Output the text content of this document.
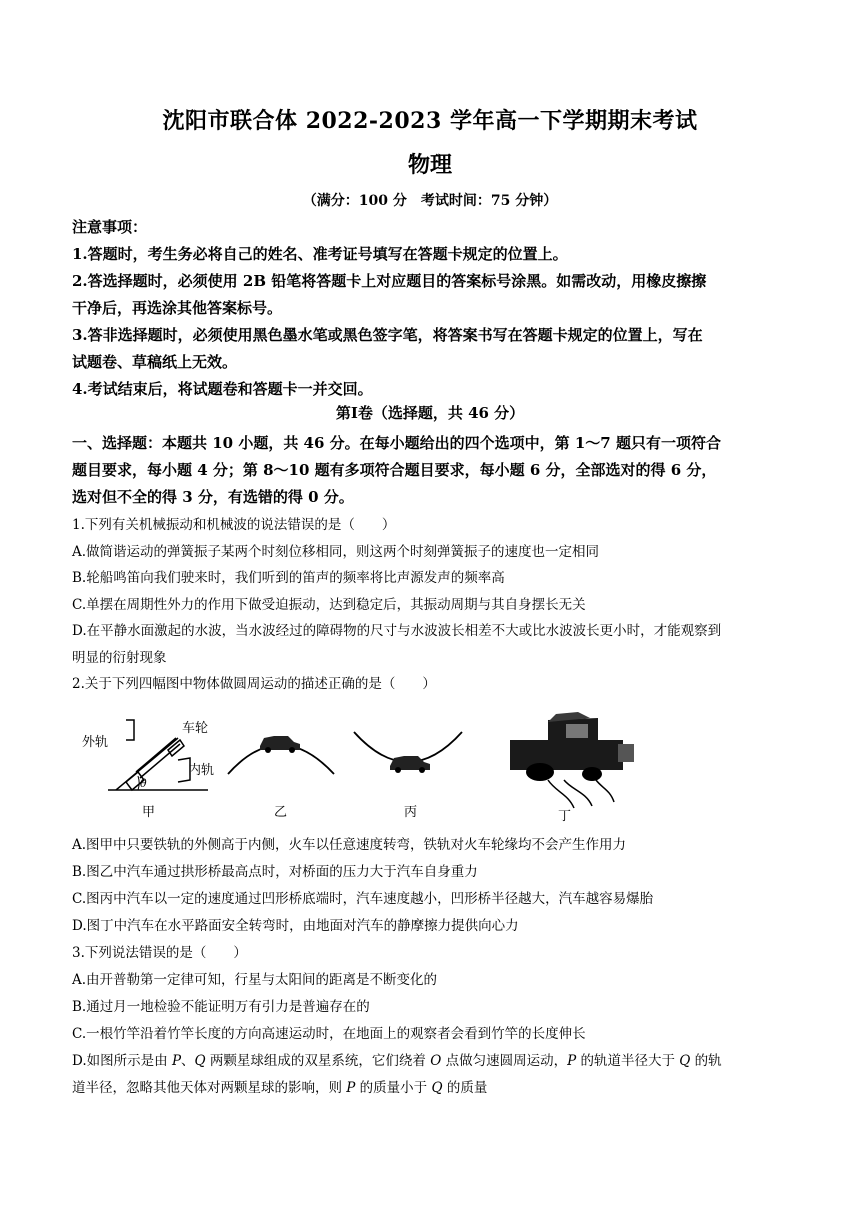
沈阳市联合体 2022-2023 学年高一下学期期末考试
物理
（满分：100 分　考试时间：75 分钟）

注意事项：

1.答题时，考生务必将自己的姓名、准考证号填写在答题卡规定的位置上。

2.答选择题时，必须使用 2B 铅笔将答题卡上对应题目的答案标号涂黑。如需改动，用橡皮擦擦

干净后，再选涂其他答案标号。

3.答非选择题时，必须使用黑色墨水笔或黑色签字笔，将答案书写在答题卡规定的位置上，写在

试题卷、草稿纸上无效。

4.考试结束后，将试题卷和答题卡一并交回。

第Ⅰ卷（选择题，共 46 分）
一、选择题：本题共 10 小题，共 46 分。在每小题给出的四个选项中，第 1～7 题只有一项符合
题目要求，每小题 4 分；第 8～10 题有多项符合题目要求，每小题 6 分，全部选对的得 6 分，
选对但不全的得 3 分，有选错的得 0 分。

1.下列有关机械振动和机械波的说法错误的是（　　）

A.做简谐运动的弹簧振子某两个时刻位移相同，则这两个时刻弹簧振子的速度也一定相同

B.轮船鸣笛向我们驶来时，我们听到的笛声的频率将比声源发声的频率高

C.单摆在周期性外力的作用下做受迫振动，达到稳定后，其振动周期与其自身摆长无关

D.在平静水面激起的水波，当水波经过的障碍物的尺寸与水波波长相差不大或比水波波长更小时，才能观察到

明显的衍射现象

2.关于下列四幅图中物体做圆周运动的描述正确的是（　　）

外轨
车轮
内轨
θ
甲	乙	丙	丁

A.图甲中只要铁轨的外侧高于内侧，火车以任意速度转弯，铁轨对火车轮缘均不会产生作用力

B.图乙中汽车通过拱形桥最高点时，对桥面的压力大于汽车自身重力

C.图丙中汽车以一定的速度通过凹形桥底端时，汽车速度越小，凹形桥半径越大，汽车越容易爆胎

D.图丁中汽车在水平路面安全转弯时，由地面对汽车的静摩擦力提供向心力

3.下列说法错误的是（　　）

A.由开普勒第一定律可知，行星与太阳间的距离是不断变化的

B.通过月一地检验不能证明万有引力是普遍存在的

C.一根竹竿沿着竹竿长度的方向高速运动时，在地面上的观察者会看到竹竿的长度伸长

D.如图所示是由 P、Q 两颗星球组成的双星系统，它们绕着 O 点做匀速圆周运动，P 的轨道半径大于 Q 的轨

道半径，忽略其他天体对两颗星球的影响，则 P 的质量小于 Q 的质量
